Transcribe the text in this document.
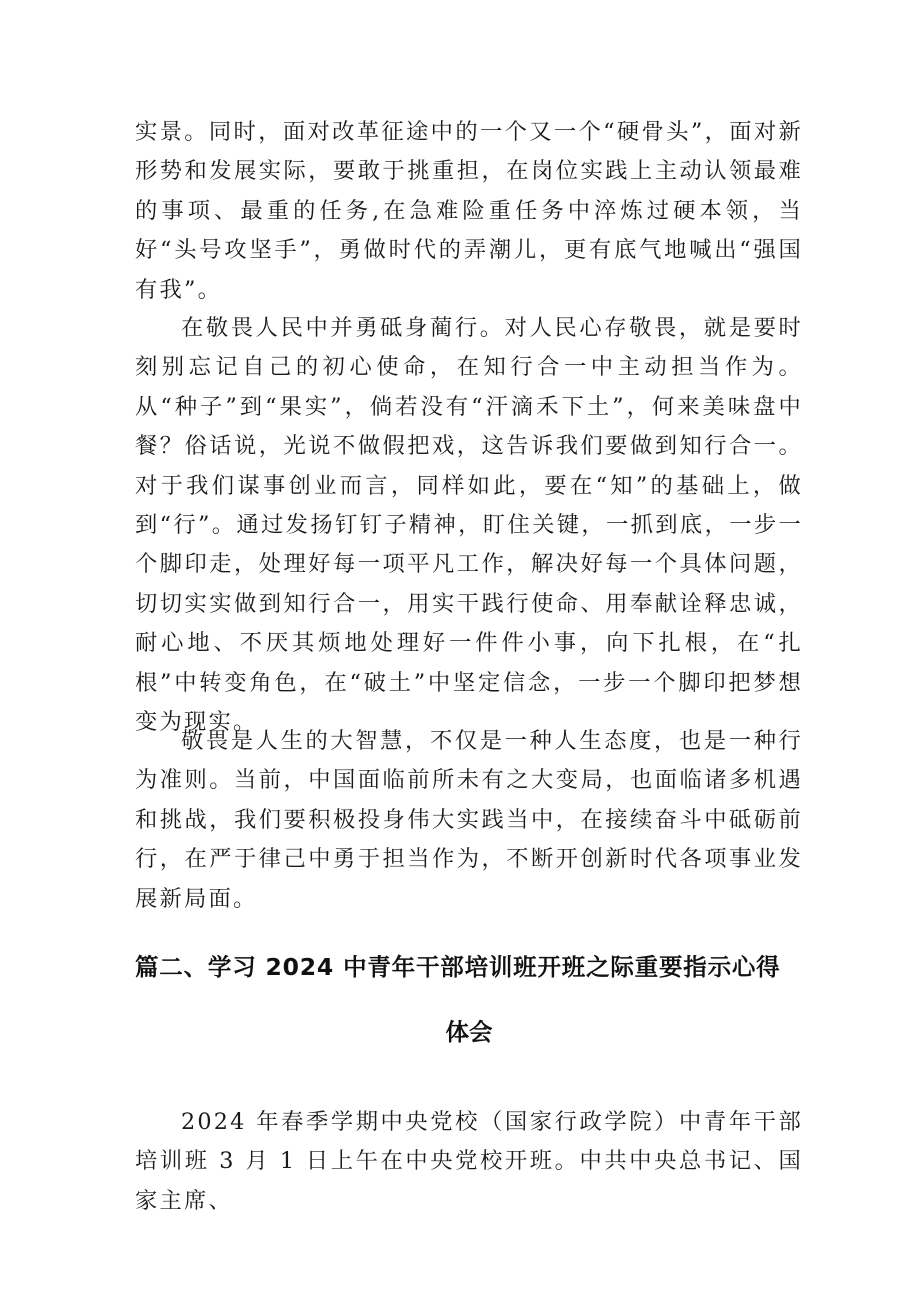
实景。同时，面对改革征途中的一个又一个“硬骨头”，面对新形势和发展实际，要敢于挑重担，在岗位实践上主动认领最难的事项、最重的任务,在急难险重任务中淬炼过硬本领，当好“头号攻坚手”，勇做时代的弄潮儿，更有底气地喊出“强国有我”。

在敬畏人民中并勇砥身蔺行。对人民心存敬畏，就是要时刻别忘记自己的初心使命，在知行合一中主动担当作为。从“种子”到“果实”，倘若没有“汗滴禾下土”，何来美味盘中餐？俗话说，光说不做假把戏，这告诉我们要做到知行合一。对于我们谋事创业而言，同样如此，要在“知”的基础上，做到“行”。通过发扬钉钉子精神，盯住关键，一抓到底，一步一个脚印走，处理好每一项平凡工作，解决好每一个具体问题，切切实实做到知行合一，用实干践行使命、用奉献诠释忠诚，耐心地、不厌其烦地处理好一件件小事，向下扎根，在“扎根”中转变角色，在“破土”中坚定信念，一步一个脚印把梦想变为现实。

敬畏是人生的大智慧，不仅是一种人生态度，也是一种行为准则。当前，中国面临前所未有之大变局，也面临诸多机遇和挑战，我们要积极投身伟大实践当中，在接续奋斗中砥砺前行，在严于律己中勇于担当作为，不断开创新时代各项事业发展新局面。

篇二、学习 2024 中青年干部培训班开班之际重要指示心得
体会

2024 年春季学期中央党校（国家行政学院）中青年干部培训班 3 月 1 日上午在中央党校开班。中共中央总书记、国家主席、
